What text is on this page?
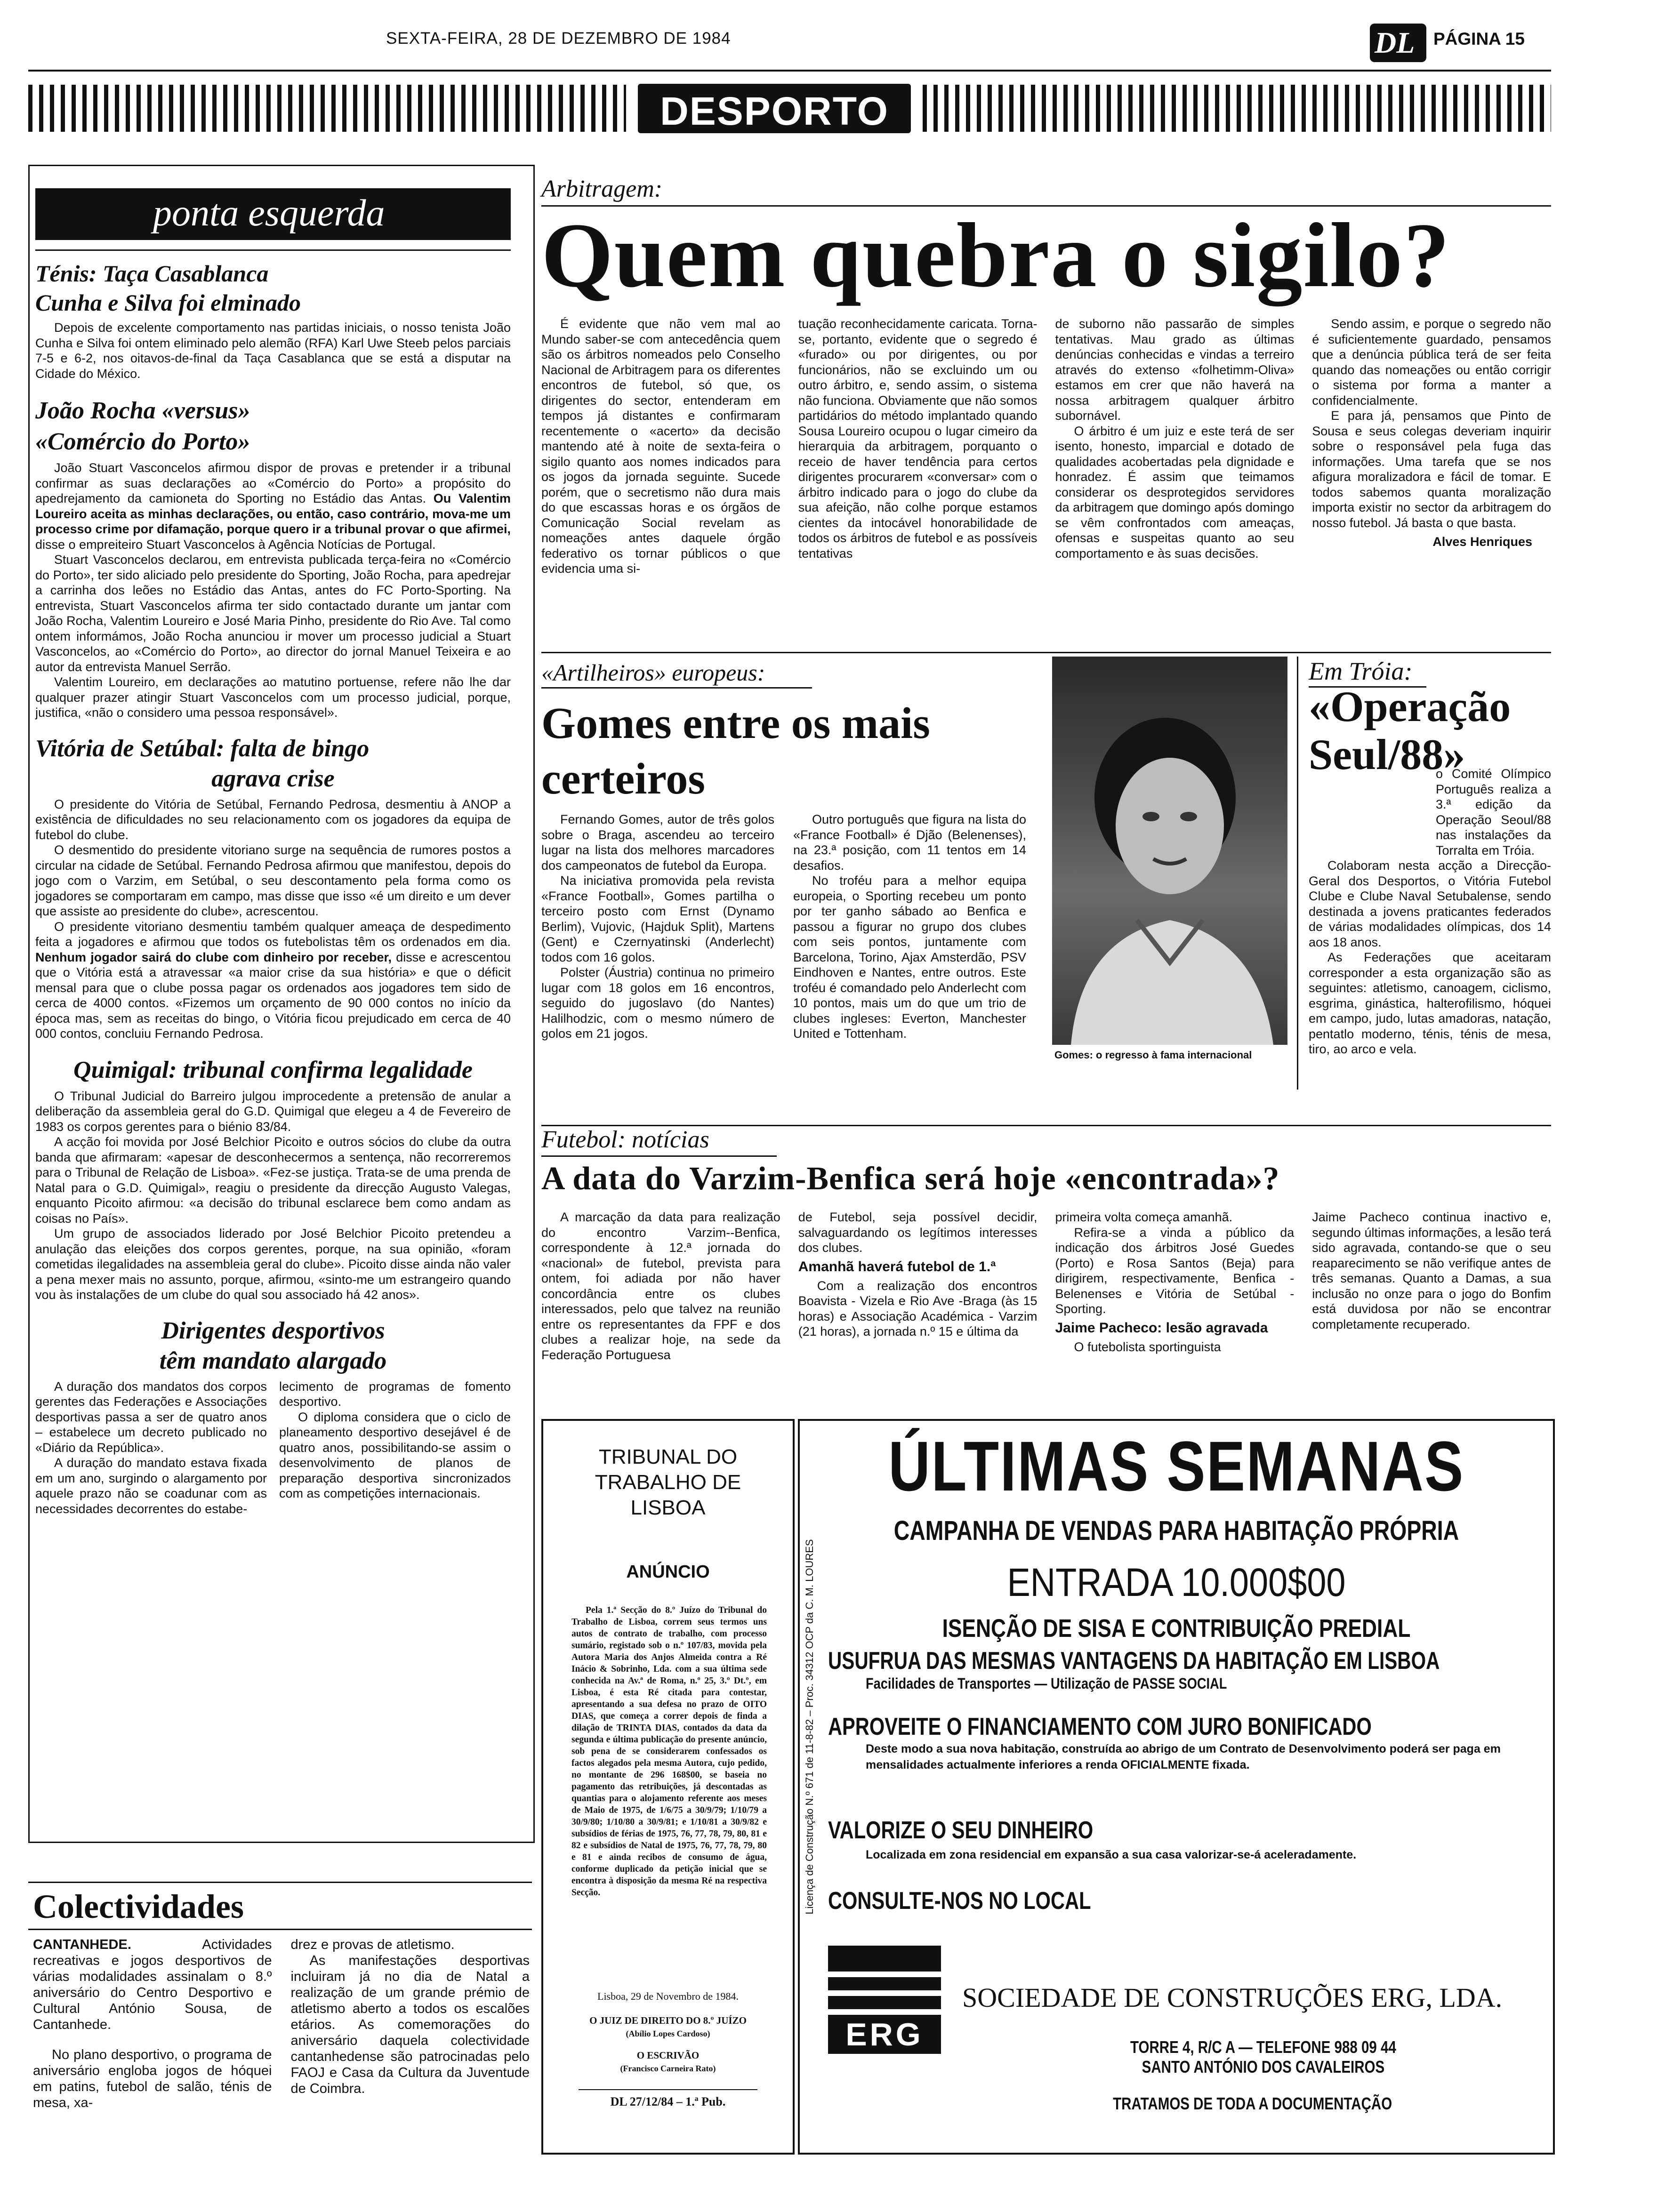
SEXTA-FEIRA, 28 DE DEZEMBRO DE 1984	DL PÁGINA 15
DESPORTO
ponta esquerda
Ténis: Taça Casablanca
Cunha e Silva foi elminado

Depois de excelente comportamento nas partidas iniciais, o nosso tenista João Cunha e Silva foi ontem eliminado pelo alemão (RFA) Karl Uwe Steeb pelos parciais 7-5 e 6-2, nos oitavos-de-final da Taça Casablanca que se está a disputar na Cidade do México.

João Rocha «versus»
«Comércio do Porto»

João Stuart Vasconcelos afirmou dispor de provas e pretender ir a tribunal confirmar as suas declarações ao «Comércio do Porto» a propósito do apedrejamento da camioneta do Sporting no Estádio das Antas. Ou Valentim Loureiro aceita as minhas declarações, ou então, caso contrário, mova-me um processo crime por difamação, porque quero ir a tribunal provar o que afirmei, disse o empreiteiro Stuart Vasconcelos à Agência Notícias de Portugal.

Stuart Vasconcelos declarou, em entrevista publicada terça-feira no «Comércio do Porto», ter sido aliciado pelo presidente do Sporting, João Rocha, para apedrejar a carrinha dos leões no Estádio das Antas, antes do FC Porto-Sporting. Na entrevista, Stuart Vasconcelos afirma ter sido contactado durante um jantar com João Rocha, Valentim Loureiro e José Maria Pinho, presidente do Rio Ave. Tal como ontem informámos, João Rocha anunciou ir mover um processo judicial a Stuart Vasconcelos, ao «Comércio do Porto», ao director do jornal Manuel Teixeira e ao autor da entrevista Manuel Serrão.

Valentim Loureiro, em declarações ao matutino portuense, refere não lhe dar qualquer prazer atingir Stuart Vasconcelos com um processo judicial, porque, justifica, «não o considero uma pessoa responsável».

Vitória de Setúbal: falta de bingo
agrava crise

O presidente do Vitória de Setúbal, Fernando Pedrosa, desmentiu à ANOP a existência de dificuldades no seu relacionamento com os jogadores da equipa de futebol do clube.

O desmentido do presidente vitoriano surge na sequência de rumores postos a circular na cidade de Setúbal. Fernando Pedrosa afirmou que manifestou, depois do jogo com o Varzim, em Setúbal, o seu descontamento pela forma como os jogadores se comportaram em campo, mas disse que isso «é um direito e um dever que assiste ao presidente do clube», acrescentou.

O presidente vitoriano desmentiu também qualquer ameaça de despedimento feita a jogadores e afirmou que todos os futebolistas têm os ordenados em dia. Nenhum jogador sairá do clube com dinheiro por receber, disse e acrescentou que o Vitória está a atravessar «a maior crise da sua história» e que o déficit mensal para que o clube possa pagar os ordenados aos jogadores tem sido de cerca de 4000 contos. «Fizemos um orçamento de 90 000 contos no início da época mas, sem as receitas do bingo, o Vitória ficou prejudicado em cerca de 40 000 contos, concluiu Fernando Pedrosa.

Quimigal: tribunal confirma legalidade

O Tribunal Judicial do Barreiro julgou improcedente a pretensão de anular a deliberação da assembleia geral do G.D. Quimigal que elegeu a 4 de Fevereiro de 1983 os corpos gerentes para o biénio 83/84.

A acção foi movida por José Belchior Picoito e outros sócios do clube da outra banda que afirmaram: «apesar de desconhecermos a sentença, não recorreremos para o Tribunal de Relação de Lisboa». «Fez-se justiça. Trata-se de uma prenda de Natal para o G.D. Quimigal», reagiu o presidente da direcção Augusto Valegas, enquanto Picoito afirmou: «a decisão do tribunal esclarece bem como andam as coisas no País».

Um grupo de associados liderado por José Belchior Picoito pretendeu a anulação das eleições dos corpos gerentes, porque, na sua opinião, «foram cometidas ilegalidades na assembleia geral do clube». Picoito disse ainda não valer a pena mexer mais no assunto, porque, afirmou, «sinto-me um estrangeiro quando vou às instalações de um clube do qual sou associado há 42 anos».

Dirigentes desportivos
têm mandato alargado

A duração dos mandatos dos corpos gerentes das Federações e Associações desportivas passa a ser de quatro anos – estabelece um decreto publicado no «Diário da República».

A duração do mandato estava fixada em um ano, surgindo o alargamento por aquele prazo não se coadunar com as necessidades decorrentes do estabe-

lecimento de programas de fomento desportivo.

O diploma considera que o ciclo de planeamento desportivo desejável é de quatro anos, possibilitando-se assim o desenvolvimento de planos de preparação desportiva sincronizados com as competições internacionais.

Colectividades

CANTANHEDE. Actividades recreativas e jogos desportivos de várias modalidades assinalam o 8.º aniversário do Centro Desportivo e Cultural António Sousa, de Cantanhede.

No plano desportivo, o programa de aniversário engloba jogos de hóquei em patins, futebol de salão, ténis de mesa, xa-

drez e provas de atletismo.

As manifestações desportivas incluiram já no dia de Natal a realização de um grande prémio de atletismo aberto a todos os escalões etários. As comemorações do aniversário daquela colectividade cantanhedense são patrocinadas pelo FAOJ e Casa da Cultura da Juventude de Coimbra.

Arbitragem:
Quem quebra o sigilo?

É evidente que não vem mal ao Mundo saber-se com antecedência quem são os árbitros nomeados pelo Conselho Nacional de Arbitragem para os diferentes encontros de futebol, só que, os dirigentes do sector, entenderam em tempos já distantes e confirmaram recentemente o «acerto» da decisão mantendo até à noite de sexta-feira o sigilo quanto aos nomes indicados para os jogos da jornada seguinte. Sucede porém, que o secretismo não dura mais do que escassas horas e os órgãos de Comunicação Social revelam as nomeações antes daquele órgão federativo os tornar públicos o que evidencia uma si-

tuação reconhecidamente caricata. Torna-se, portanto, evidente que o segredo é «furado» ou por dirigentes, ou por funcionários, não se excluindo um ou outro árbitro, e, sendo assim, o sistema não funciona. Obviamente que não somos partidários do método implantado quando Sousa Loureiro ocupou o lugar cimeiro da hierarquia da arbitragem, porquanto o receio de haver tendência para certos dirigentes procurarem «conversar» com o árbitro indicado para o jogo do clube da sua afeição, não colhe porque estamos cientes da intocável honorabilidade de todos os árbitros de futebol e as possíveis tentativas

de suborno não passarão de simples tentativas. Mau grado as últimas denúncias conhecidas e vindas a terreiro através do extenso «folhetimm-Oliva» estamos em crer que não haverá na nossa arbitragem qualquer árbitro subornável.

O árbitro é um juiz e este terá de ser isento, honesto, imparcial e dotado de qualidades acobertadas pela dignidade e honradez. É assim que teimamos considerar os desprotegidos servidores da arbitragem que domingo após domingo se vêm confrontados com ameaças, ofensas e suspeitas quanto ao seu comportamento e às suas decisões.

Sendo assim, e porque o segredo não é suficientemente guardado, pensamos que a denúncia pública terá de ser feita quando das nomeações ou então corrigir o sistema por forma a manter a confidencialmente.

E para já, pensamos que Pinto de Sousa e seus colegas deveriam inquirir sobre o responsável pela fuga das informações. Uma tarefa que se nos afigura moralizadora e fácil de tomar. E todos sabemos quanta moralização importa existir no sector da arbitragem do nosso futebol. Já basta o que basta.

Alves Henriques
«Artilheiros» europeus:
Gomes entre os mais
certeiros

Fernando Gomes, autor de três golos sobre o Braga, ascendeu ao terceiro lugar na lista dos melhores marcadores dos campeonatos de futebol da Europa.

Na iniciativa promovida pela revista «France Football», Gomes partilha o terceiro posto com Ernst (Dynamo Berlim), Vujovic, (Hajduk Split), Martens (Gent) e Czernyatinski (Anderlecht) todos com 16 golos.

Polster (Áustria) continua no primeiro lugar com 18 golos em 16 encontros, seguido do jugoslavo (do Nantes) Halilhodzic, com o mesmo número de golos em 21 jogos.

Outro português que figura na lista do «France Football» é Djão (Belenenses), na 23.ª posição, com 11 tentos em 14 desafios.

No troféu para a melhor equipa europeia, o Sporting recebeu um ponto por ter ganho sábado ao Benfica e passou a figurar no grupo dos clubes com seis pontos, juntamente com Barcelona, Torino, Ajax Amsterdão, PSV Eindhoven e Nantes, entre outros. Este troféu é comandado pelo Anderlecht com 10 pontos, mais um do que um trio de clubes ingleses: Everton, Manchester United e Tottenham.

Gomes: o regresso à fama internacional
Em Tróia:
«Operação
Seul/88»

o Comité Olímpico Português realiza a 3.ª edição da Operação Seoul/88 nas instalações da Torralta em Tróia.

Colaboram nesta acção a Direcção-Geral dos Desportos, o Vitória Futebol Clube e Clube Naval Setubalense, sendo destinada a jovens praticantes federados de várias modalidades olímpicas, dos 14 aos 18 anos.

As Federações que aceitaram corresponder a esta organização são as seguintes: atletismo, canoagem, ciclismo, esgrima, ginástica, halterofilismo, hóquei em campo, judo, lutas amadoras, natação, pentatlo moderno, ténis, ténis de mesa, tiro, ao arco e vela.

Futebol: notícias
A data do Varzim-Benfica será hoje «encontrada»?

A marcação da data para realização do encontro Varzim--Benfica, correspondente à 12.ª jornada do «nacional» de futebol, prevista para ontem, foi adiada por não haver concordância entre os clubes interessados, pelo que talvez na reunião entre os representantes da FPF e dos clubes a realizar hoje, na sede da Federação Portuguesa

de Futebol, seja possível decidir, salvaguardando os legítimos interesses dos clubes.

Amanhã haverá futebol de 1.ª

Com a realização dos encontros Boavista - Vizela e Rio Ave -Braga (às 15 horas) e Associação Académica - Varzim (21 horas), a jornada n.º 15 e última da

primeira volta começa amanhã.

Refira-se a vinda a público da indicação dos árbitros José Guedes (Porto) e Rosa Santos (Beja) para dirigirem, respectivamente, Benfica - Belenenses e Vitória de Setúbal - Sporting.

Jaime Pacheco: lesão agravada

O futebolista sportinguista

Jaime Pacheco continua inactivo e, segundo últimas informações, a lesão terá sido agravada, contando-se que o seu reaparecimento se não verifique antes de três semanas. Quanto a Damas, a sua inclusão no onze para o jogo do Bonfim está duvidosa por não se encontrar completamente recuperado.

TRIBUNAL DO TRABALHO DE LISBOA
ANÚNCIO
Pela 1.ª Secção do 8.º Juízo do Tribunal do Trabalho de Lisboa, correm seus termos uns autos de contrato de trabalho, com processo sumário, registado sob o n.º 107/83, movida pela Autora Maria dos Anjos Almeida contra a Ré Inácio & Sobrinho, Lda. com a sua última sede conhecida na Av.ª de Roma, n.º 25, 3.º Dt.º, em Lisboa, é esta Ré citada para contestar, apresentando a sua defesa no prazo de OITO DIAS, que começa a correr depois de finda a dilação de TRINTA DIAS, contados da data da segunda e última publicação do presente anúncio, sob pena de se considerarem confessados os factos alegados pela mesma Autora, cujo pedido, no montante de 296 168$00, se baseia no pagamento das retribuições, já descontadas as quantias para o alojamento referente aos meses de Maio de 1975, de 1/6/75 a 30/9/79; 1/10/79 a 30/9/80; 1/10/80 a 30/9/81; e 1/10/81 a 30/9/82 e subsídios de férias de 1975, 76, 77, 78, 79, 80, 81 e 82 e subsídios de Natal de 1975, 76, 77, 78, 79, 80 e 81 e ainda recibos de consumo de água, conforme duplicado da petição inicial que se encontra à disposição da mesma Ré na respectiva Secção.
Lisboa, 29 de Novembro de 1984.
O JUIZ DE DIREITO DO 8.º JUÍZO
(Abílio Lopes Cardoso)
O ESCRIVÃO
(Francisco Carneira Rato)
DL 27/12/84 – 1.ª Pub.
Licença de Construção N.º 671 de 11-8-82 – Proc. 34312 OCP da C. M. LOURES
ÚLTIMAS SEMANAS
CAMPANHA DE VENDAS PARA HABITAÇÃO PRÓPRIA
ENTRADA 10.000$00
ISENÇÃO DE SISA E CONTRIBUIÇÃO PREDIAL
USUFRUA DAS MESMAS VANTAGENS DA HABITAÇÃO EM LISBOA
Facilidades de Transportes — Utilização de PASSE SOCIAL
APROVEITE O FINANCIAMENTO COM JURO BONIFICADO
Deste modo a sua nova habitação, construída ao abrigo de um Contrato de Desenvolvimento poderá ser paga em mensalidades actualmente inferiores a renda OFICIALMENTE fixada.
VALORIZE O SEU DINHEIRO
Localizada em zona residencial em expansão a sua casa valorizar-se-á aceleradamente.
CONSULTE-NOS NO LOCAL
ERG
SOCIEDADE DE CONSTRUÇÕES ERG, LDA.
TORRE 4, R/C A — TELEFONE 988 09 44
SANTO ANTÓNIO DOS CAVALEIROS
TRATAMOS DE TODA A DOCUMENTAÇÃO
